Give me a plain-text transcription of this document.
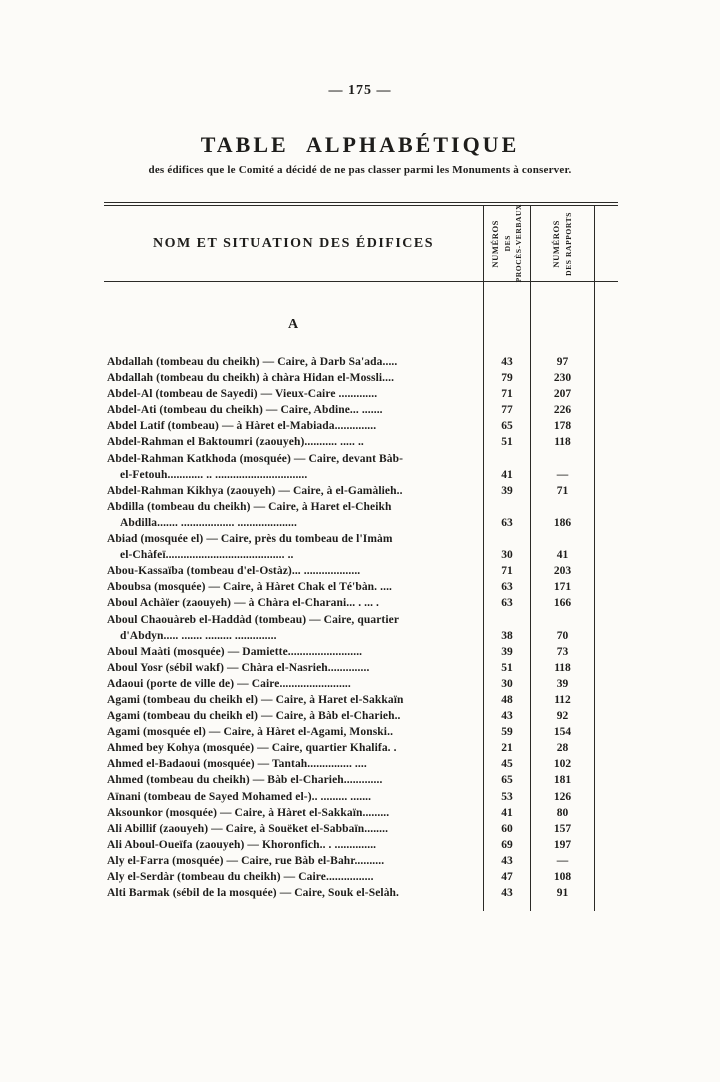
— 175 —
TABLE ALPHABÉTIQUE
des édifices que le Comité a décidé de ne pas classer parmi les Monuments à conserver.
NOM ET SITUATION DES ÉDIFICES	NUMÉROS DES PROCÈS-VERBAUX	NUMÉROS DES RAPPORTS
A
Abdallah (tombeau du cheikh) — Caire, à Darb Sa'ada.....	43	97
Abdallah (tombeau du cheikh) à chàra Hidan el-Mossli....	79	230
Abdel-Al (tombeau de Sayedi) — Vieux-Caire .............	71	207
Abdel-Ati (tombeau du cheikh) — Caire, Abdine... .......	77	226
Abdel Latif (tombeau) — à Hàret el-Mabiada..............	65	178
Abdel-Rahman el Baktoumri (zaouyeh)........... ..... ..	51	118
Abdel-Rahman Katkhoda (mosquée) — Caire, devant Bàb-
el-Fetouh............ .. ...............................	41	—
Abdel-Rahman Kikhya (zaouyeh) — Caire, à el-Gamàlieh..	39	71
Abdilla (tombeau du cheikh) — Caire, à Haret el-Cheikh
Abdilla....... .................. ....................	63	186
Abiad (mosquée el) — Caire, près du tombeau de l'Imàm
el-Chàfeï........................................ ..	30	41
Abou-Kassaïba (tombeau d'el-Ostàz)... ...................	71	203
Aboubsa (mosquée) — Caire, à Hàret Chak el Té'bàn. ....	63	171
Aboul Achàïer (zaouyeh) — à Chàra el-Charani... . ... .	63	166
Aboul Chaouàreb el-Haddàd (tombeau) — Caire, quartier
d'Abdyn..... ....... ......... ..............	38	70
Aboul Maàti (mosquée) — Damiette.........................	39	73
Aboul Yosr (sébil wakf) — Chàra el-Nasrieh..............	51	118
Adaoui (porte de ville de) — Caire........................	30	39
Agami (tombeau du cheikh el) — Caire, à Haret el-Sakkaïn	48	112
Agami (tombeau du cheikh el) — Caire, à Bàb el-Charieh..	43	92
Agami (mosquée el) — Caire, à Hàret el-Agami, Monski..	59	154
Ahmed bey Kohya (mosquée) — Caire, quartier Khalifa. .	21	28
Ahmed el-Badaoui (mosquée) — Tantah............... ....	45	102
Ahmed (tombeau du cheikh) — Bàb el-Charieh.............	65	181
Aïnani (tombeau de Sayed Mohamed el-).. ......... .......	53	126
Aksounkor (mosquée) — Caire, à Hàret el-Sakkaïn.........	41	80
Ali Abillif (zaouyeh) — Caire, à Souëket el-Sabbaïn........	60	157
Ali Aboul-Oueïfa (zaouyeh) — Khoronfich.. . ..............	69	197
Aly el-Farra (mosquée) — Caire, rue Bàb el-Bahr..........	43	—
Aly el-Serdàr (tombeau du cheikh) — Caire................	47	108
Alti Barmak (sébil de la mosquée) — Caire, Souk el-Selàh.	43	91
